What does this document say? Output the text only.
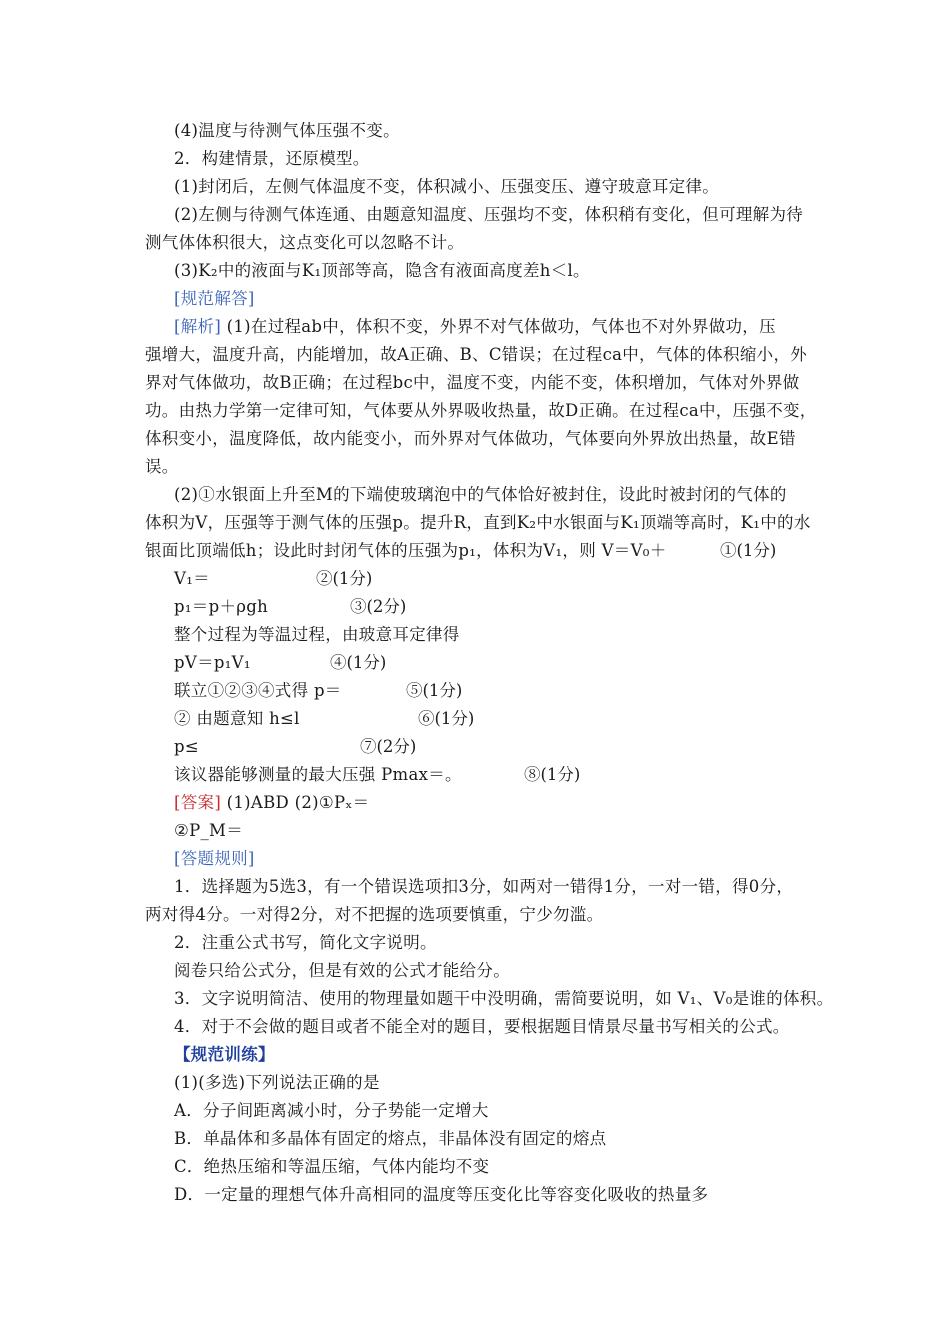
(4)温度与待测气体压强不变。
2．构建情景，还原模型。
(1)封闭后，左侧气体温度不变，体积减小、压强变压、遵守玻意耳定律。
(2)左侧与待测气体连通、由题意知温度、压强均不变，体积稍有变化，但可理解为待
测气体体积很大，这点变化可以忽略不计。
(3)K₂中的液面与K₁顶部等高，隐含有液面高度差h＜l。
[规范解答]
[解析] (1)在过程ab中，体积不变，外界不对气体做功，气体也不对外界做功，压
强增大，温度升高，内能增加，故A正确、B、C错误；在过程ca中，气体的体积缩小，外
界对气体做功，故B正确；在过程bc中，温度不变，内能不变，体积增加，气体对外界做
功。由热力学第一定律可知，气体要从外界吸收热量，故D正确。在过程ca中，压强不变，
体积变小，温度降低，故内能变小，而外界对气体做功，气体要向外界放出热量，故E错
误。
(2)①水银面上升至M的下端使玻璃泡中的气体恰好被封住，设此时被封闭的气体的
体积为V，压强等于测气体的压强p。提升R，直到K₂中水银面与K₁顶端等高时，K₁中的水
银面比顶端低h；设此时封闭气体的压强为p₁，体积为V₁，则 V＝V₀＋	①(1分)
V₁＝	②(1分)
p₁＝p＋ρgh	③(2分)
整个过程为等温过程，由玻意耳定律得
pV＝p₁V₁	④(1分)
联立①②③④式得 p＝	⑤(1分)
② 由题意知 h≤l	⑥(1分)
p≤	⑦(2分)
该议器能够测量的最大压强 Pmax＝。	⑧(1分)
[答案] (1)ABD (2)①Pₓ＝
②P_M＝
[答题规则]
1．选择题为5选3，有一个错误选项扣3分，如两对一错得1分，一对一错，得0分，
两对得4分。一对得2分，对不把握的选项要慎重，宁少勿滥。
2．注重公式书写，简化文字说明。
阅卷只给公式分，但是有效的公式才能给分。
3．文字说明简洁、使用的物理量如题干中没明确，需简要说明，如 V₁、V₀是谁的体积。
4．对于不会做的题目或者不能全对的题目，要根据题目情景尽量书写相关的公式。
【规范训练】
(1)(多选)下列说法正确的是
A．分子间距离减小时，分子势能一定增大
B．单晶体和多晶体有固定的熔点，非晶体没有固定的熔点
C．绝热压缩和等温压缩，气体内能均不变
D．一定量的理想气体升高相同的温度等压变化比等容变化吸收的热量多
